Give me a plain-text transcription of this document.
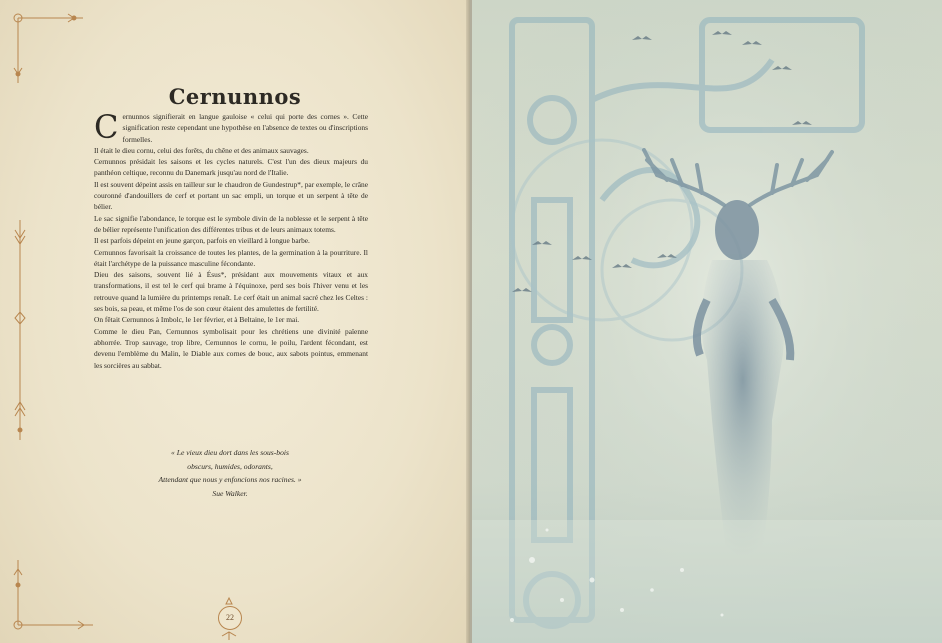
Cernunnos

Cernunnos signifierait en langue gauloise « celui qui porte des cornes ». Cette signification reste cependant une hypothèse en l'absence de textes ou d'inscriptions formelles.

Il était le dieu cornu, celui des forêts, du chêne et des animaux sauvages.

Cernunnos présidait les saisons et les cycles naturels. C'est l'un des dieux majeurs du panthéon celtique, reconnu du Danemark jusqu'au nord de l'Italie.

Il est souvent dépeint assis en tailleur sur le chaudron de Gundestrup*, par exemple, le crâne couronné d'andouillers de cerf et portant un sac empli, un torque et un serpent à tête de bélier.

Le sac signifie l'abondance, le torque est le symbole divin de la noblesse et le serpent à tête de bélier représente l'unification des différentes tribus et de leurs animaux totems.

Il est parfois dépeint en jeune garçon, parfois en vieillard à longue barbe.

Cernunnos favorisait la croissance de toutes les plantes, de la germination à la pourriture. Il était l'archétype de la puissance masculine fécondante.

Dieu des saisons, souvent lié à Ésus*, présidant aux mouvements vitaux et aux transformations, il est tel le cerf qui brame à l'équinoxe, perd ses bois l'hiver venu et les retrouve quand la lumière du printemps renaît. Le cerf était un animal sacré chez les Celtes : ses bois, sa peau, et même l'os de son cœur étaient des amulettes de fertilité.

On fêtait Cernunnos à Imbolc, le 1er février, et à Beltaine, le 1er mai.

Comme le dieu Pan, Cernunnos symbolisait pour les chrétiens une divinité païenne abhorrée. Trop sauvage, trop libre, Cernunnos le cornu, le poilu, l'ardent fécondant, est devenu l'emblème du Malin, le Diable aux cornes de bouc, aux sabots pointus, emmenant les sorcières au sabbat.

« Le vieux dieu dort dans les sous-bois
obscurs, humides, odorants,
Attendant que nous y enfoncions nos racines. »
Sue Walker.
22
